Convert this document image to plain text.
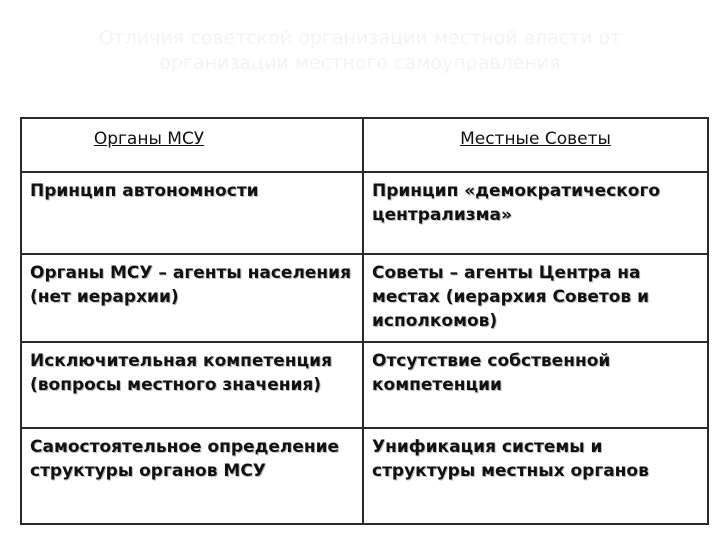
Отличия советской организации местной власти от
организации местного самоуправления
Органы МСУ	Местные Советы
Принцип автономности	Принцип «демократического централизма»
Органы МСУ – агенты населения (нет иерархии)
Советы – агенты Центра на местах (иерархия Советов и исполкомов)
Исключительная компетенция (вопросы местного значения)
Отсутствие собственной компетенции
Самостоятельное определение структуры органов МСУ
Унификация системы и структуры местных органов
